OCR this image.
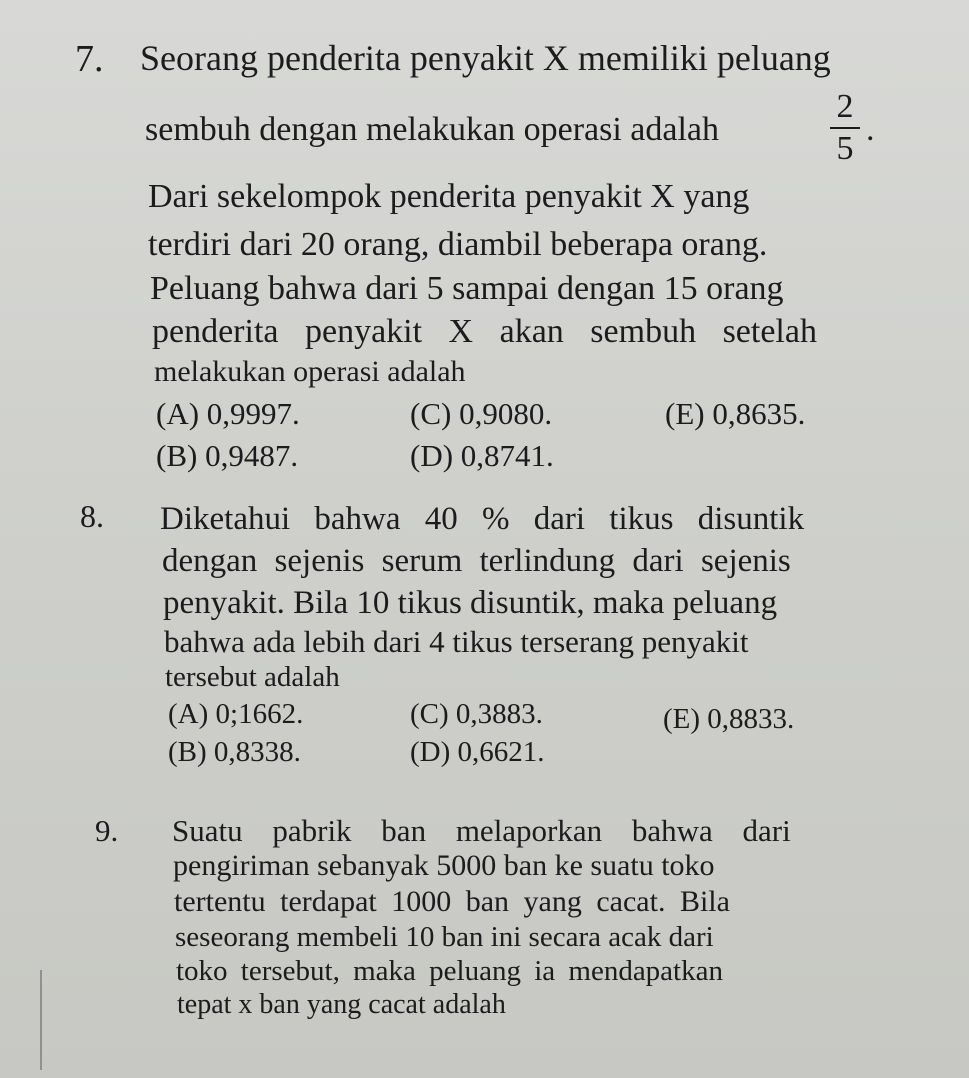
7. Seorang penderita penyakit X memiliki peluang
sembuh dengan melakukan operasi adalah
2
5
.
Dari sekelompok penderita penyakit X yang
terdiri dari 20 orang, diambil beberapa orang.
Peluang bahwa dari 5 sampai dengan 15 orang
penderita penyakit X akan sembuh setelah
melakukan operasi adalah
(A) 0,9997.	(C) 0,9080.	(E) 0,8635.
(B) 0,9487.	(D) 0,8741.
8. Diketahui bahwa 40 % dari tikus disuntik
dengan sejenis serum terlindung dari sejenis
penyakit. Bila 10 tikus disuntik, maka peluang
bahwa ada lebih dari 4 tikus terserang penyakit
tersebut adalah
(A) 0;1662.	(C) 0,3883.	(E) 0,8833.
(B) 0,8338.	(D) 0,6621.
9. Suatu pabrik ban melaporkan bahwa dari
pengiriman sebanyak 5000 ban ke suatu toko
tertentu terdapat 1000 ban yang cacat. Bila
seseorang membeli 10 ban ini secara acak dari
toko tersebut, maka peluang ia mendapatkan
tepat x ban yang cacat adalah
